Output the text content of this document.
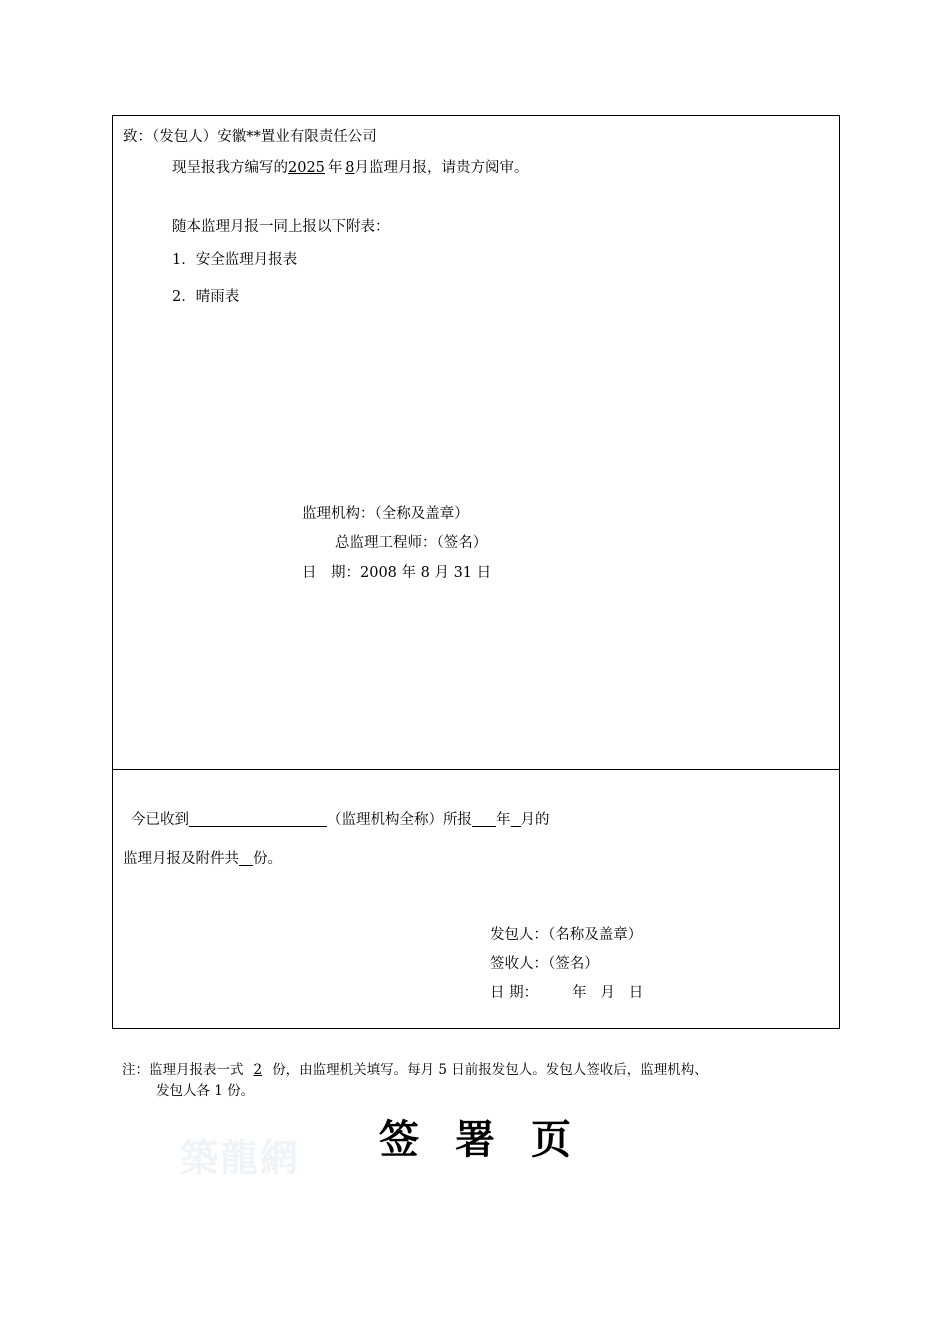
致：（发包人）安徽**置业有限责任公司
现呈报我方编写的2025  年  8月监理月报，请贵方阅审。
随本监理月报一同上报以下附表：
1．安全监理月报表
2．晴雨表
监理机构：（全称及盖章）
总监理工程师：（签名）
日　期：2008 年 8 月 31 日
今已收到	（监理机构全称）所报 年 月的
监理月报及附件共 份。
发包人：（名称及盖章）
签收人：（签名）
日 期： 年   月   日
注：监理月报表一式 2 份，由监理机关填写。每月 5 日前报发包人。发包人签收后，监理机构、
发包人各 1 份。
築龍網	签署页
